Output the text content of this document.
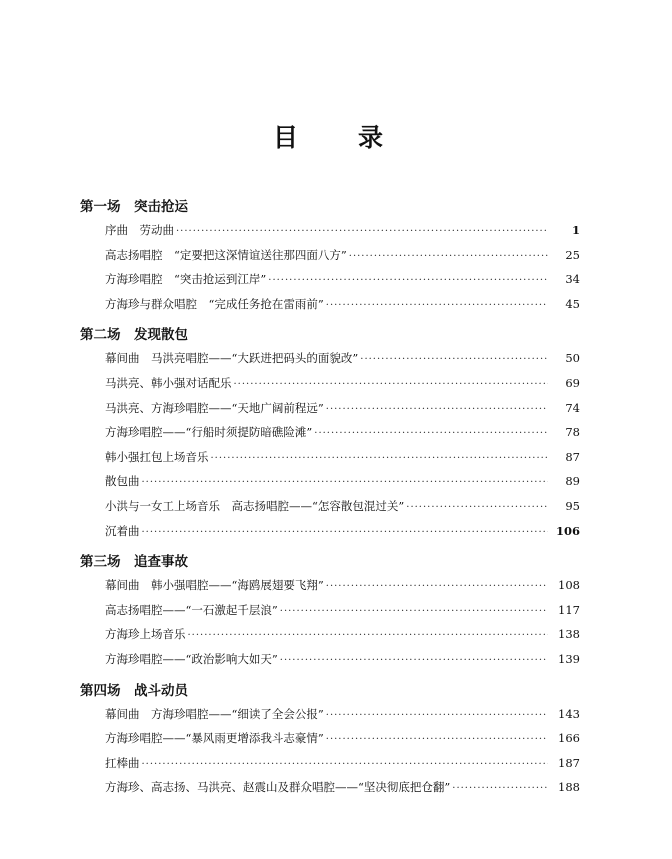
目 录
第一场　突击抢运
序曲　劳动曲 ·····	1
高志扬唱腔　“定要把这深情谊送往那四面八方” ·····	25
方海珍唱腔　“突击抢运到江岸” ·····	34
方海珍与群众唱腔　“完成任务抢在雷雨前” ·····	45
第二场　发现散包
幕间曲　马洪亮唱腔——“大跃进把码头的面貌改” ·····	50
马洪亮、韩小强对话配乐 ·····	69
马洪亮、方海珍唱腔——“天地广阔前程远” ·····	74
方海珍唱腔——“行船时须提防暗礁险滩” ·····	78
韩小强扛包上场音乐 ·····	87
散包曲 ·····	89
小洪与一女工上场音乐　高志扬唱腔——“怎容散包混过关” ·····	95
沉着曲 ·····	106
第三场　追查事故
幕间曲　韩小强唱腔——“海鸥展翅要飞翔” ·····	108
高志扬唱腔——“一石激起千层浪” ·····	117
方海珍上场音乐 ·····	138
方海珍唱腔——“政治影响大如天” ·····	139
第四场　战斗动员
幕间曲　方海珍唱腔——“细读了全会公报” ·····	143
方海珍唱腔——“暴风雨更增添我斗志豪情” ·····	166
扛棒曲 ·····	187
方海珍、高志扬、马洪亮、赵震山及群众唱腔——“坚决彻底把仓翻” ·····	188
